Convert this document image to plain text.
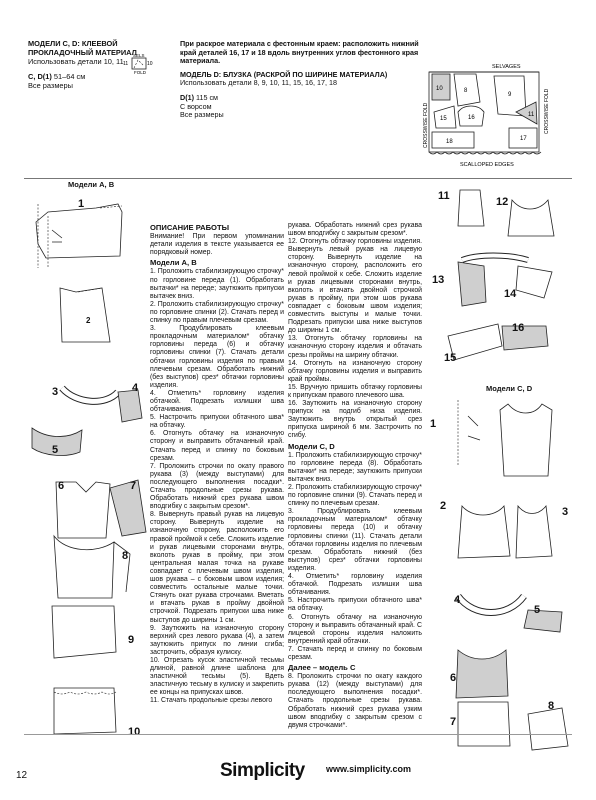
МОДЕЛИ C, D: КЛЕЕВОЙ ПРОКЛАДОЧНЫЙ МАТЕРИАЛ
Использовать детали 10, 11
C, D(1) 51–64 см
Все размеры
SELS
11	10
FOLD
При раскрое материала с фестонным краем: расположить нижний край деталей 16, 17 и 18 вдоль внутренних углов фестонного края материала.
МОДЕЛЬ D: БЛУЗКА (РАСКРОЙ ПО ШИРИНЕ МАТЕРИАЛА)
Использовать детали 8, 9, 10, 11, 15, 16, 17, 18
D(1) 115 см
С ворсом
Все размеры
SELVAGES
CROSSWISE FOLD	CROSSWISE FOLD
10	8
9
11
15	16
17
18
SCALLOPED EDGES
Модели A, B
1
2
3	4
5
6	7
8
9
10
ОПИСАНИЕ РАБОТЫ

Внимание! При первом упоминании детали изделия в тексте указывается ее порядковый номер.

Модели A, B

1. Проложить стабилизирующую строчку* по горловине переда (1). Обработать вытачки* на переде; заутюжить припуски вытачек вниз.

2. Проложить стабилизирующую строчку* по горловине спинки (2). Стачать перед и спинку по правым плечевым срезам.

3. Продублировать клеевым прокладочным материалом* обтачку горловины переда (6) и обтачку горловины спинки (7). Стачать детали обтачки горловины изделия по правым плечевым срезам. Обработать нижний (без выступов) срез* обтачки горловины изделия.

4. Отметить* горловину изделия обтачкой. Подрезать излишки шва обтачивания.

5. Настрочить припуски обтачного шва* на обтачку.

6. Отогнуть обтачку на изнаночную сторону и выправить обтачанный край. Стачать перед и спинку по боковым срезам.

7. Проложить строчки по окату правого рукава (3) (между выступами) для последующего выполнения посадки*. Стачать продольные срезы рукава. Обработать нижний срез рукава швом вподгибку с закрытым срезом*.

8. Вывернуть правый рукав на лицевую сторону. Вывернуть изделие на изнаночную сторону, расположить его правой проймой к себе. Сложить изделие и рукав лицевыми сторонами внутрь, вколоть рукав в пройму, при этом центральная малая точка на рукаве совпадает с плечевым швом изделия, шов рукава – с боковым швом изделия; совместить остальные малые точки. Стянуть окат рукава строчками. Вметать и втачать рукав в пройму двойной строчкой. Подрезать припуски шва ниже выступов до ширины 1 см.

9. Заутюжить на изнаночную сторону верхний срез левого рукава (4), а затем заутюжить припуск по линии сгиба; застрочить, образуя кулиску.

10. Отрезать кусок эластичной тесьмы длиной, равной длине шаблона для эластичной тесьмы (5). Вдеть эластичную тесьму в кулиску и закрепить ее концы на припусках швов.

11. Стачать продольные срезы левого

рукава. Обработать нижний срез рукава швом вподгибку с закрытым срезом*.

12. Отогнуть обтачку горловины изделия. Вывернуть левый рукав на лицевую сторону. Вывернуть изделие на изнаночную сторону, расположить его левой проймой к себе. Сложить изделие и рукав лицевыми сторонами внутрь, вколоть и втачать двойной строчкой рукав в пройму, при этом шов рукава совпадает с боковым швом изделия; совместить выступы и малые точки. Подрезать припуски шва ниже выступов до ширины 1 см.

13. Отогнуть обтачку горловины на изнаночную сторону изделия и обтачать срезы проймы на ширину обтачки.

14. Отогнуть на изнаночную сторону обтачку горловины изделия и выправить край проймы.

15. Вручную пришить обтачку горловины к припускам правого плечевого шва.

16. Заутюжить на изнаночную сторону припуск на подгиб низа изделия. Заутюжить внутрь открытый срез припуска шириной 6 мм. Застрочить по сгибу.

Модели C, D

1. Проложить стабилизирующую строчку* по горловине переда (8). Обработать вытачки* на переде; заутюжить припуски вытачек вниз.

2. Проложить стабилизирующую строчку* по горловине спинки (9). Стачать перед и спинку по плечевым срезам.

3. Продублировать клеевым прокладочным материалом* обтачку горловины переда (10) и обтачку горловины спинки (11). Стачать детали обтачки горловины изделия по плечевым срезам. Обработать нижний (без выступов) срез* обтачки горловины изделия.

4. Отметить* горловину изделия обтачкой. Подрезать излишки шва обтачивания.

5. Настрочить припуски обтачного шва* на обтачку.

6. Отогнуть обтачку на изнаночную сторону и выправить обтачанный край. С лицевой стороны изделия наложить внутренний край обтачки.

7. Стачать перед и спинку по боковым срезам.

Далее – модель C

8. Проложить строчки по окату каждого рукава (12) (между выступами) для последующего выполнения посадки*. Стачать продольные срезы рукава. Обработать нижний срез рукава узким швом вподгибку с закрытым срезом с двумя строчками*.

11	12
13
14
16
15
Модели C, D
1
2	3
4
5
6
7
8
12	Simplicity www.simplicity.com
